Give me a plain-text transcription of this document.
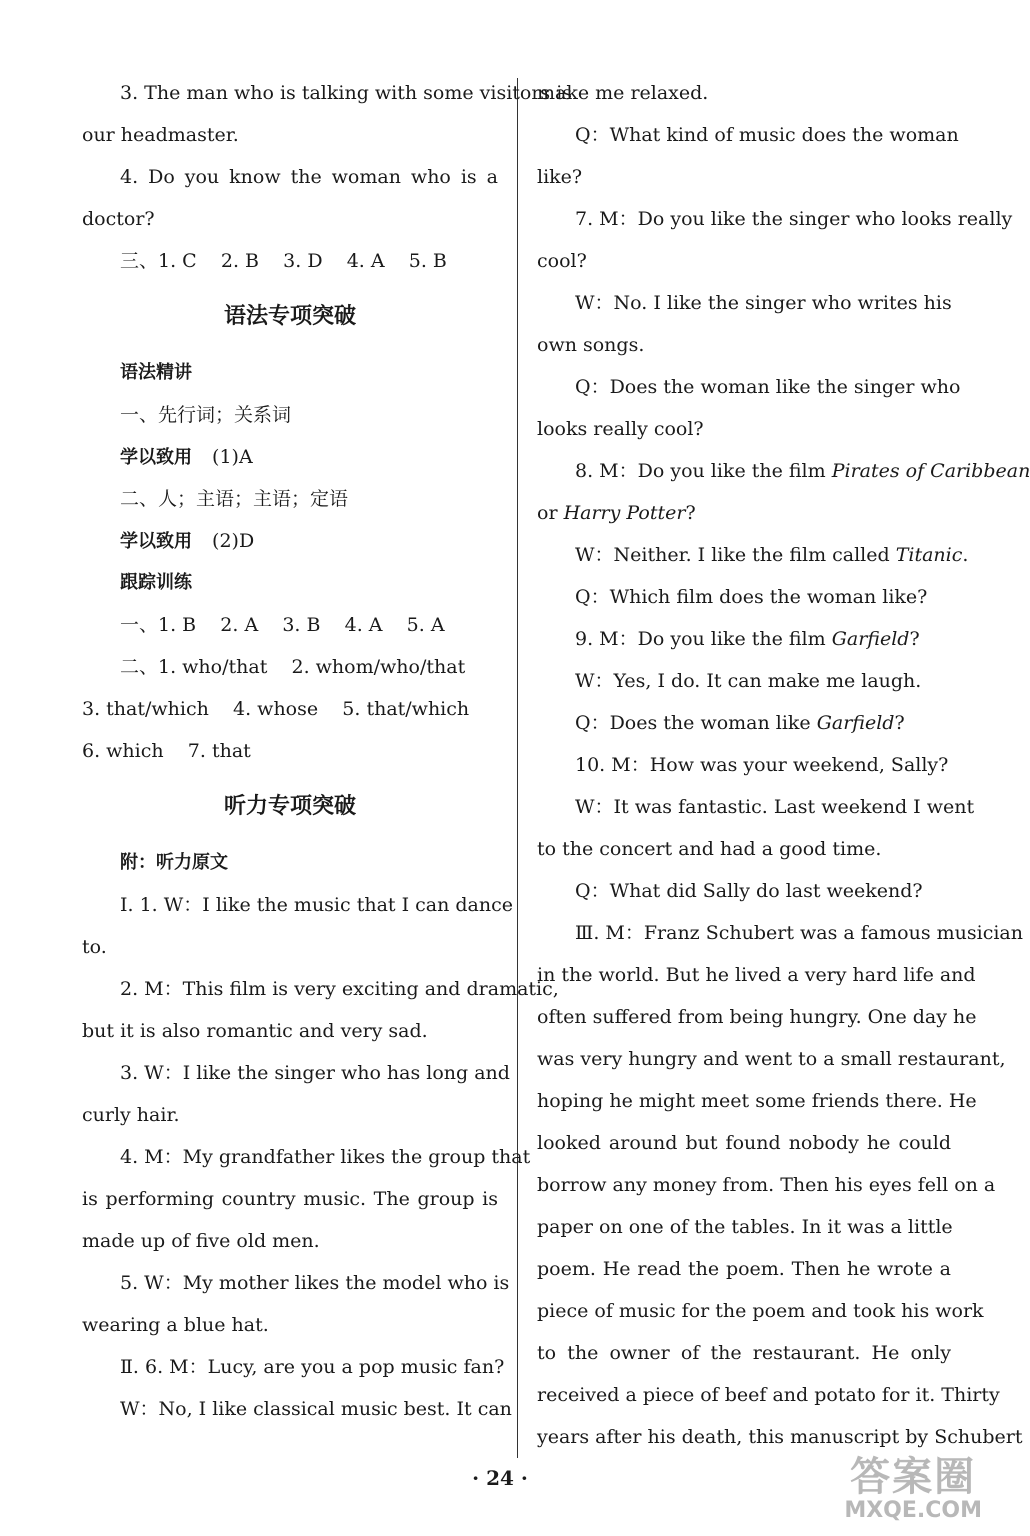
3. The man who is talking with some visitors is
our headmaster.
4. Do you know the woman who is a
doctor?
三、1. C    2. B    3. D    4. A    5. B
语法专项突破
语法精讲
一、先行词；关系词
学以致用 (1)A
二、人；主语；主语；定语
学以致用 (2)D
跟踪训练
一、1. B    2. A    3. B    4. A    5. A
二、1. who/that    2. whom/who/that
3. that/which    4. whose    5. that/which
6. which    7. that
听力专项突破
附：听力原文
Ⅰ. 1. W：I like the music that I can dance
to.
2. M：This film is very exciting and dramatic,
but it is also romantic and very sad.
3. W：I like the singer who has long and
curly hair.
4. M：My grandfather likes the group that
is performing country music. The group is
made up of five old men.
5. W：My mother likes the model who is
wearing a blue hat.
Ⅱ. 6. M：Lucy, are you a pop music fan?
W：No, I like classical music best. It can
make me relaxed.
Q：What kind of music does the woman
like?
7. M：Do you like the singer who looks really
cool?
W：No. I like the singer who writes his
own songs.
Q：Does the woman like the singer who
looks really cool?
8. M：Do you like the film Pirates of Caribbean
or Harry Potter?
W：Neither. I like the film called Titanic.
Q：Which film does the woman like?
9. M：Do you like the film Garfield?
W：Yes, I do. It can make me laugh.
Q：Does the woman like Garfield?
10. M：How was your weekend, Sally?
W：It was fantastic. Last weekend I went
to the concert and had a good time.
Q：What did Sally do last weekend?
Ⅲ. M：Franz Schubert was a famous musician
in the world. But he lived a very hard life and
often suffered from being hungry. One day he
was very hungry and went to a small restaurant,
hoping he might meet some friends there. He
looked around but found nobody he could
borrow any money from. Then his eyes fell on a
paper on one of the tables. In it was a little
poem. He read the poem. Then he wrote a
piece of music for the poem and took his work
to the owner of the restaurant. He only
received a piece of beef and potato for it. Thirty
years after his death, this manuscript by Schubert
· 24 ·	答案圈
MXQE.COM
